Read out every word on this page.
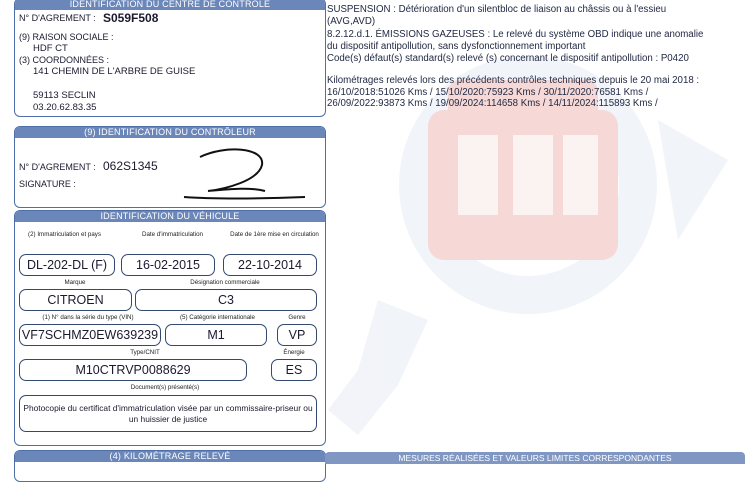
IDENTIFICATION DU CENTRE DE CONTRÔLE
N° D'AGREMENT : S059F508
(9) RAISON SOCIALE :
HDF CT
(3) COORDONNÉES :
141 CHEMIN DE L'ARBRE DE GUISE
59113 SECLIN
03.20.62.83.35
(9) IDENTIFICATION DU CONTRÔLEUR
N° D'AGREMENT : 062S1345
SIGNATURE :
IDENTIFICATION DU VÉHICULE
(2) Immatriculation et pays	Date d'immatriculation	Date de 1ère mise en circulation
DL-202-DL (F)	16-02-2015	22-10-2014
Marque	Désignation commerciale
CITROEN	C3
(1) N° dans la série du type (VIN)	(5) Catégorie internationale	Genre
VF7SCHMZ0EW639239	M1	VP
Type/CNIT	Énergie
M10CTRVP0088629	ES
Document(s) présenté(s)
Photocopie du certificat d'immatriculation visée par un commissaire-priseur ou un huissier de justice
(4) KILOMÉTRAGE RELEVÉ
SUSPENSION : Détérioration d'un silentbloc de liaison au châssis ou à l'essieu
(AVG,AVD)
8.2.12.d.1. ÉMISSIONS GAZEUSES : Le relevé du système OBD indique une anomalie
du dispositif antipollution, sans dysfonctionnement important
Code(s) défaut(s) standard(s) relevé (s) concernant le dispositif antipollution : P0420
Kilométrages relevés lors des précédents contrôles techniques depuis le 20 mai 2018 :
16/10/2018:51026 Kms / 15/10/2020:75923 Kms / 30/11/2020:76581 Kms /
26/09/2022:93873 Kms / 19/09/2024:114658 Kms / 14/11/2024:115893 Kms /
MESURES RÉALISÉES ET VALEURS LIMITES CORRESPONDANTES
